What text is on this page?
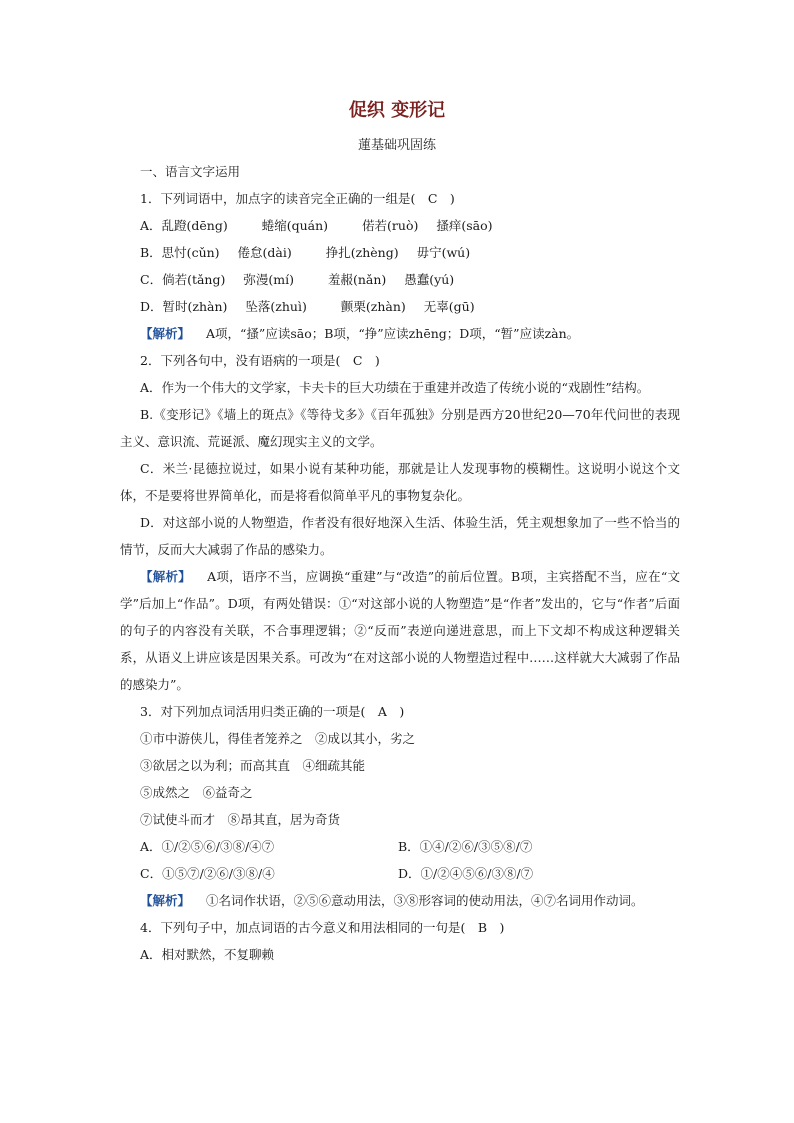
促织 变形记
蓮基础巩固练
一、语言文字运用
1．下列词语中，加点字的读音完全正确的一组是(　C　)
A．乱蹬(dēng)	蜷缩(quán)	偌若(ruò) 搔痒(sāo)
B．思忖(cǔn) 倦怠(dài)	挣扎(zhèng) 毋宁(wú)
C．倘若(tǎng) 弥漫(mí)	羞赧(nǎn) 愚蠢(yú)
D．暂时(zhàn) 坠落(zhuì)	颤栗(zhàn) 无辜(gū)
【解析】 A项，“搔”应读sāo；B项，“挣”应读zhēng；D项，“暂”应读zàn。
2．下列各句中，没有语病的一项是(　C　)
A．作为一个伟大的文学家，卡夫卡的巨大功绩在于重建并改造了传统小说的“戏剧性”结构。
B.《变形记》《墙上的斑点》《等待戈多》《百年孤独》分别是西方20世纪20—70年代问世的表现主义、意识流、荒诞派、魔幻现实主义的文学。
C．米兰·昆德拉说过，如果小说有某种功能，那就是让人发现事物的模糊性。这说明小说这个文体，不是要将世界简单化，而是将看似简单平凡的事物复杂化。
D．对这部小说的人物塑造，作者没有很好地深入生活、体验生活，凭主观想象加了一些不恰当的情节，反而大大减弱了作品的感染力。
【解析】 A项，语序不当，应调换“重建”与“改造”的前后位置。B项，主宾搭配不当，应在“文学”后加上“作品”。D项，有两处错误：①“对这部小说的人物塑造”是“作者”发出的，它与“作者”后面的句子的内容没有关联，不合事理逻辑；②“反而”表逆向递进意思，而上下文却不构成这种逻辑关系，从语义上讲应该是因果关系。可改为“在对这部小说的人物塑造过程中……这样就大大减弱了作品的感染力”。
3．对下列加点词活用归类正确的一项是(　A　)
①市中游侠儿，得佳者笼养之　②成以其小，劣之
③欲居之以为利；而高其直　④细疏其能
⑤成然之　⑥益奇之
⑦试使斗而才　⑧昂其直，居为奇货
A．①/②⑤⑥/③⑧/④⑦	B．①④/②⑥/③⑤⑧/⑦
C．①⑤⑦/②⑥/③⑧/④	D．①/②④⑤⑥/③⑧/⑦
【解析】 ①名词作状语，②⑤⑥意动用法，③⑧形容词的使动用法，④⑦名词用作动词。
4．下列句子中，加点词语的古今意义和用法相同的一句是(　B　)
A．相对默然，不复聊赖
